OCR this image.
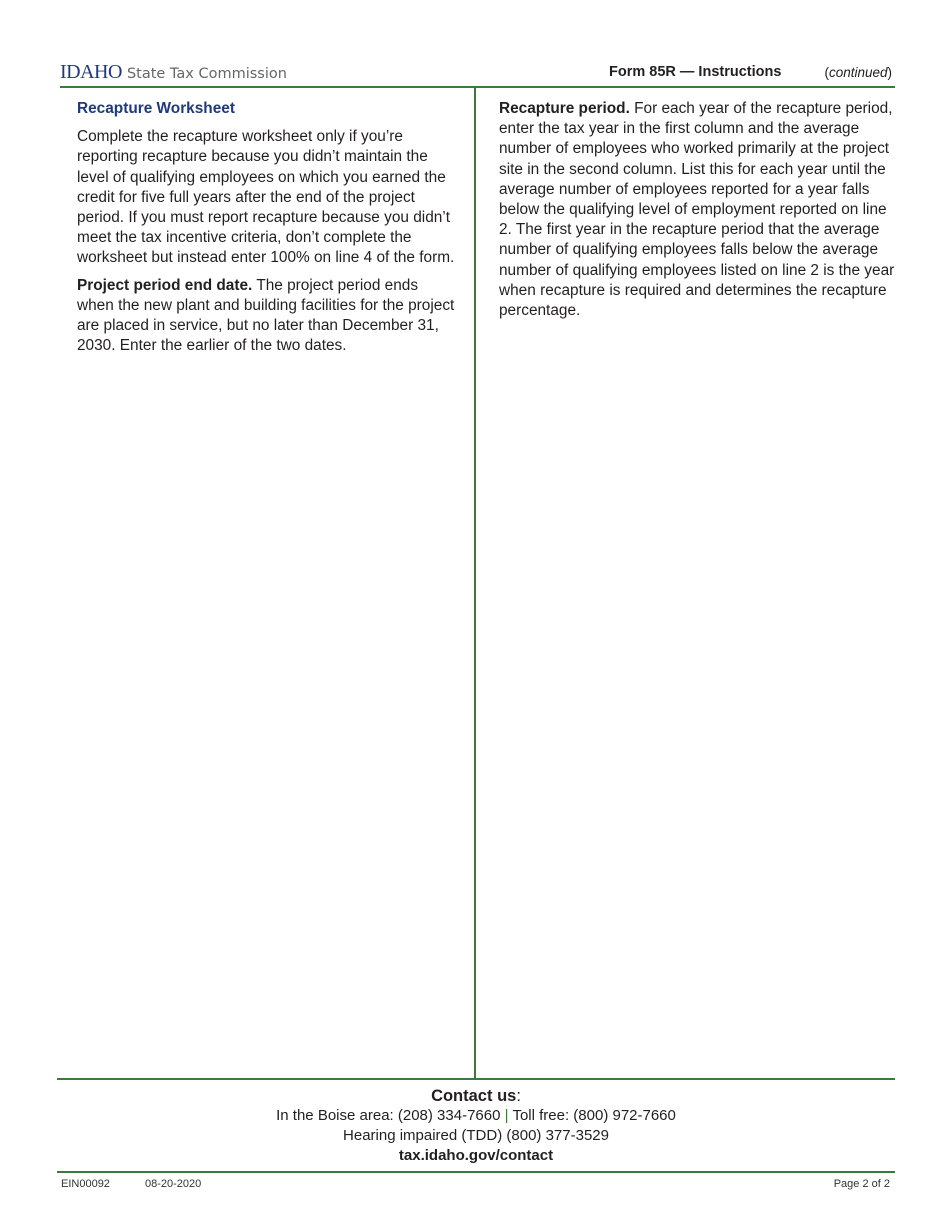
IDAHO State Tax Commission	Form 85R — Instructions	(continued)
Recapture Worksheet

Complete the recapture worksheet only if you’re reporting recapture because you didn’t maintain the level of qualifying employees on which you earned the credit for five full years after the end of the project period. If you must report recapture because you didn’t meet the tax incentive criteria, don’t complete the worksheet but instead enter 100% on line 4 of the form.

Project period end date. The project period ends when the new plant and building facilities for the project are placed in service, but no later than December 31, 2030. Enter the earlier of the two dates.

Recapture period. For each year of the recapture period, enter the tax year in the first column and the average number of employees who worked primarily at the project site in the second column. List this for each year until the average number of employees reported for a year falls below the qualifying level of employment reported on line 2. The first year in the recapture period that the average number of qualifying employees falls below the average number of qualifying employees listed on line 2 is the year when recapture is required and determines the recapture percentage.

Contact us:
In the Boise area: (208) 334-7660 | Toll free: (800) 972-7660
Hearing impaired (TDD) (800) 377-3529
tax.idaho.gov/contact
EIN00092	08-20-2020	Page 2 of 2
